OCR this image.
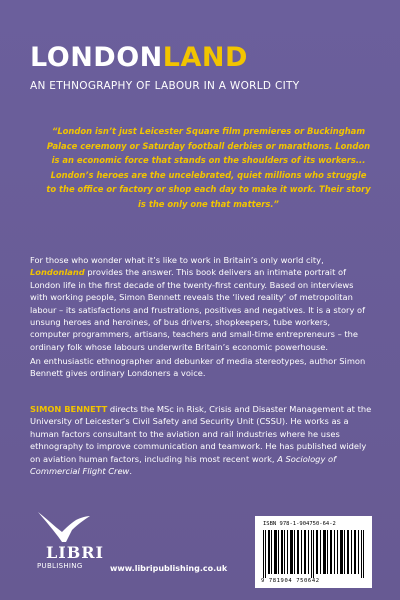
LONDONLAND
AN ETHNOGRAPHY OF LABOUR IN A WORLD CITY
“London isn’t just Leicester Square film premieres or Buckingham Palace ceremony or Saturday football derbies or marathons. London is an economic force that stands on the shoulders of its workers... London’s heroes are the uncelebrated, quiet millions who struggle to the office or factory or shop each day to make it work. Their story is the only one that matters.”
For those who wonder what it’s like to work in Britain’s only world city,
Londonland provides the answer. This book delivers an intimate portrait of London life in the first decade of the twenty-first century. Based on interviews with working people, Simon Bennett reveals the ‘lived reality’ of metropolitan labour – its satisfactions and frustrations, positives and negatives. It is a story of unsung heroes and heroines, of bus drivers, shopkeepers, tube workers, computer programmers, artisans, teachers and small-time entrepreneurs – the ordinary folk whose labours underwrite Britain’s economic powerhouse.
An enthusiastic ethnographer and debunker of media stereotypes, author Simon Bennett gives ordinary Londoners a voice.
SIMON BENNETT directs the MSc in Risk, Crisis and Disaster Management at the University of Leicester’s Civil Safety and Security Unit (CSSU). He works as a human factors consultant to the aviation and rail industries where he uses ethnography to improve communication and teamwork. He has published widely on aviation human factors, including his most recent work, A Sociology of Commercial Flight Crew.
LIBRI
PUBLISHING	www.libripublishing.co.uk
ISBN 978-1-904750-64-2
9 781904 750642
